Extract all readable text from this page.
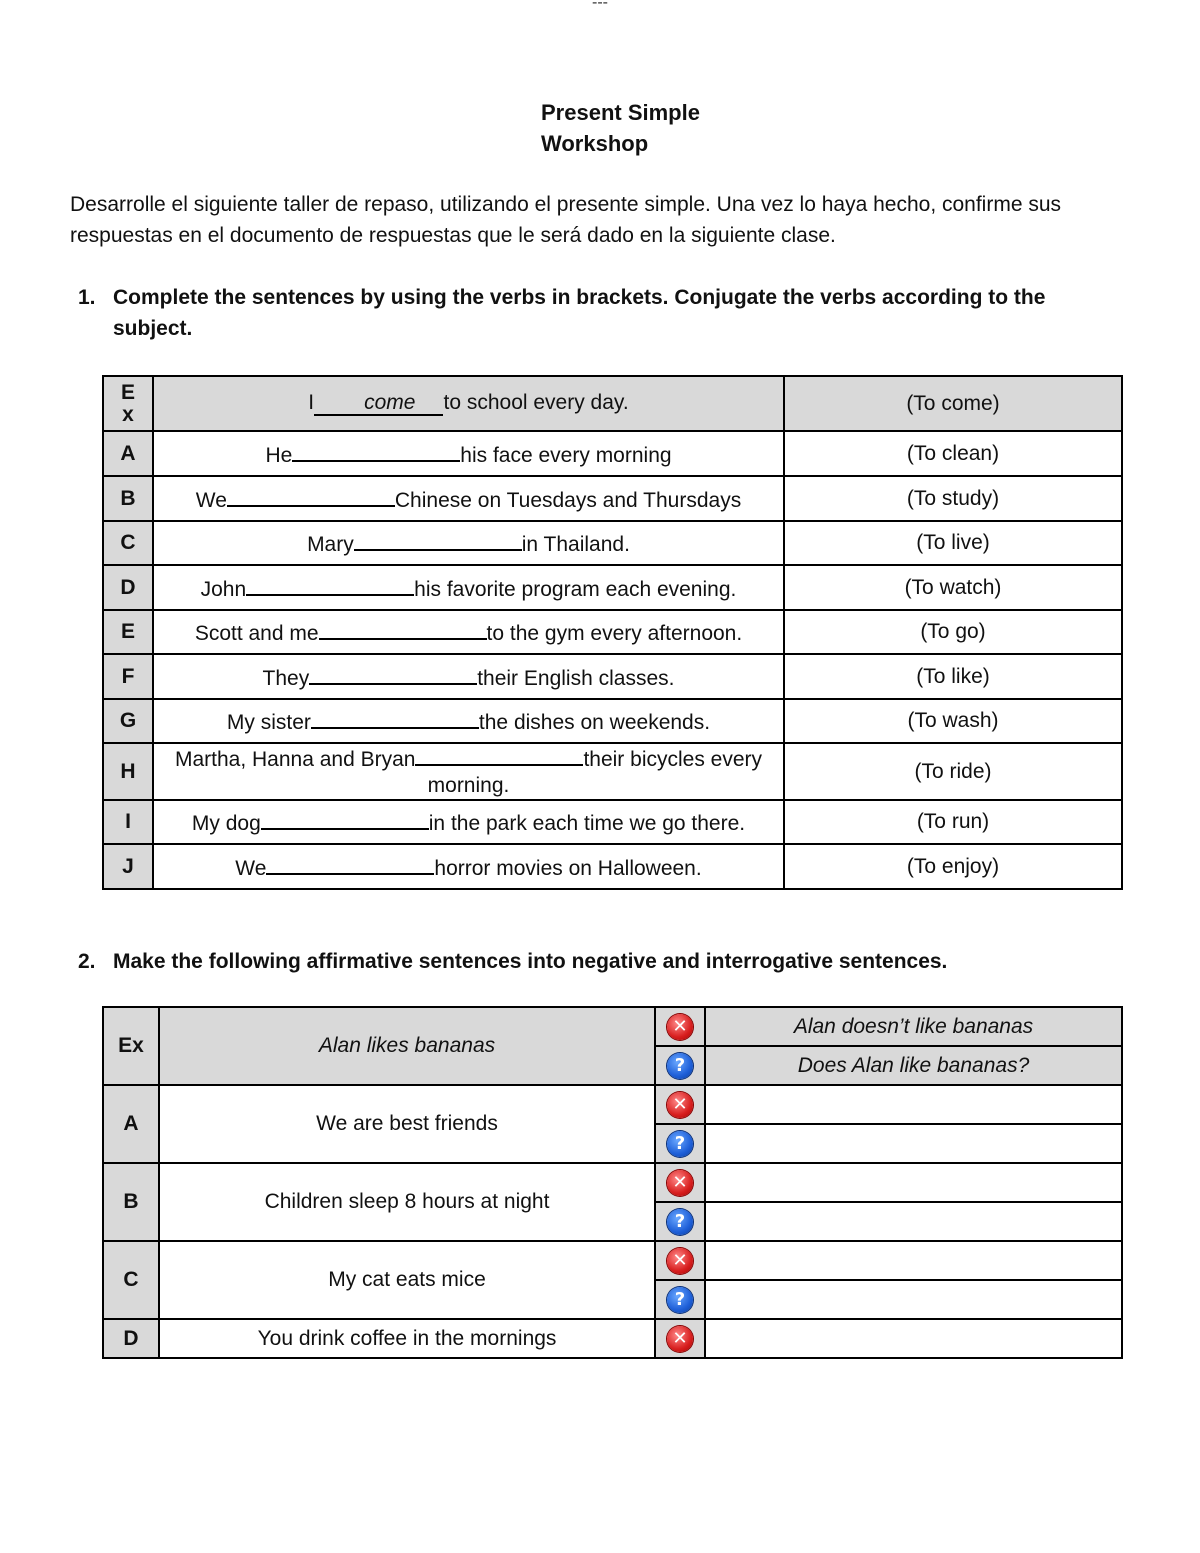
---
Present Simple
Workshop
Desarrolle el siguiente taller de repaso, utilizando el presente simple. Una vez lo haya hecho, confirme sus respuestas en el documento de respuestas que le será dado en la siguiente clase.
1. Complete the sentences by using the verbs in brackets. Conjugate the verbs according to the subject.
E
x	I come to school every day.	(To come)
A	He his face every morning	(To clean)
B	We Chinese on Tuesdays and Thursdays	(To study)
C	Mary in Thailand.	(To live)
D	John his favorite program each evening.	(To watch)
E	Scott and me to the gym every afternoon.	(To go)
F	They their English classes.	(To like)
G	My sister the dishes on weekends.	(To wash)
H	Martha, Hanna and Bryan their bicycles every morning.	(To ride)
I	My dog in the park each time we go there.	(To run)
J	We horror movies on Halloween.	(To enjoy)
2. Make the following affirmative sentences into negative and interrogative sentences.
Ex	Alan likes bananas	✕	Alan doesn’t like bananas
		?	Does Alan like bananas?
A	We are best friends	✕	
		?	
B	Children sleep 8 hours at night	✕	
		?	
C	My cat eats mice	✕	
		?	
D	You drink coffee in the mornings	✕	
